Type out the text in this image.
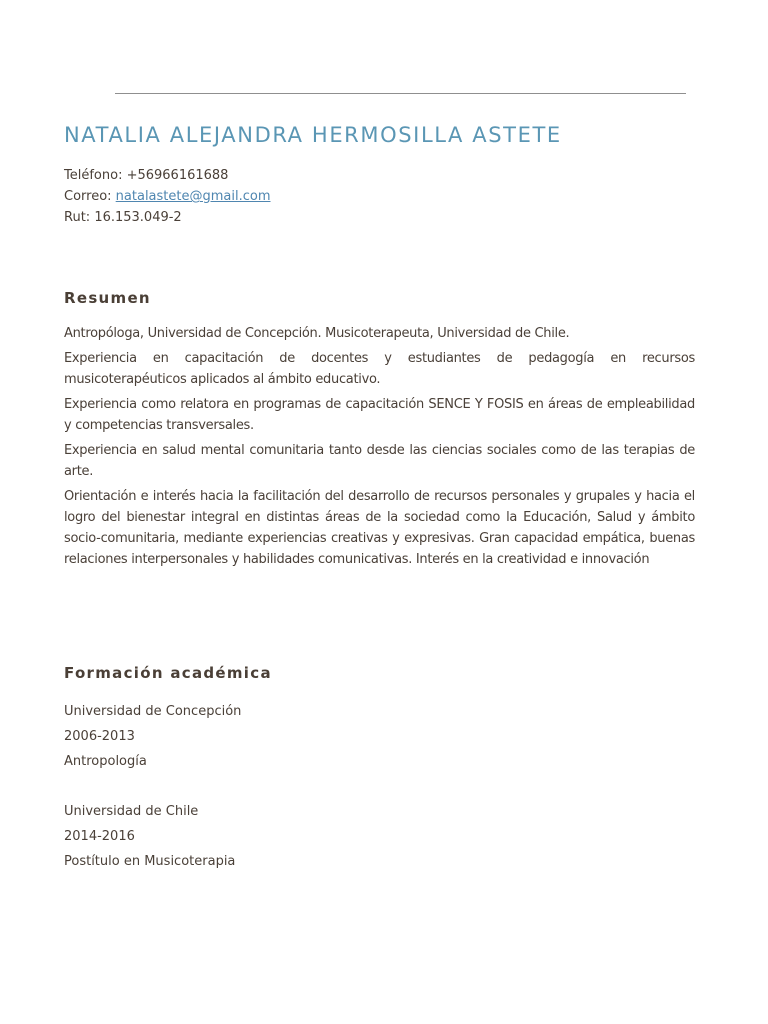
NATALIA ALEJANDRA HERMOSILLA ASTETE
Teléfono: +56966161688
Correo: natalastete@gmail.com
Rut: 16.153.049-2
Resumen

Antropóloga, Universidad de Concepción. Musicoterapeuta, Universidad de Chile.

Experiencia en capacitación de docentes y estudiantes de pedagogía en recursos musicoterapéuticos aplicados al ámbito educativo.

Experiencia como relatora en programas de capacitación SENCE Y FOSIS en áreas de empleabilidad y competencias transversales.

Experiencia en salud mental comunitaria tanto desde las ciencias sociales como de las terapias de arte.

Orientación e interés hacia la facilitación del desarrollo de recursos personales y grupales y hacia el logro del bienestar integral en distintas áreas de la sociedad como la Educación, Salud y ámbito socio-comunitaria, mediante experiencias creativas y expresivas. Gran capacidad empática, buenas relaciones interpersonales y habilidades comunicativas. Interés en la creatividad e innovación

Formación académica
Universidad de Concepción
2006-2013
Antropología
Universidad de Chile
2014-2016
Postítulo en Musicoterapia
